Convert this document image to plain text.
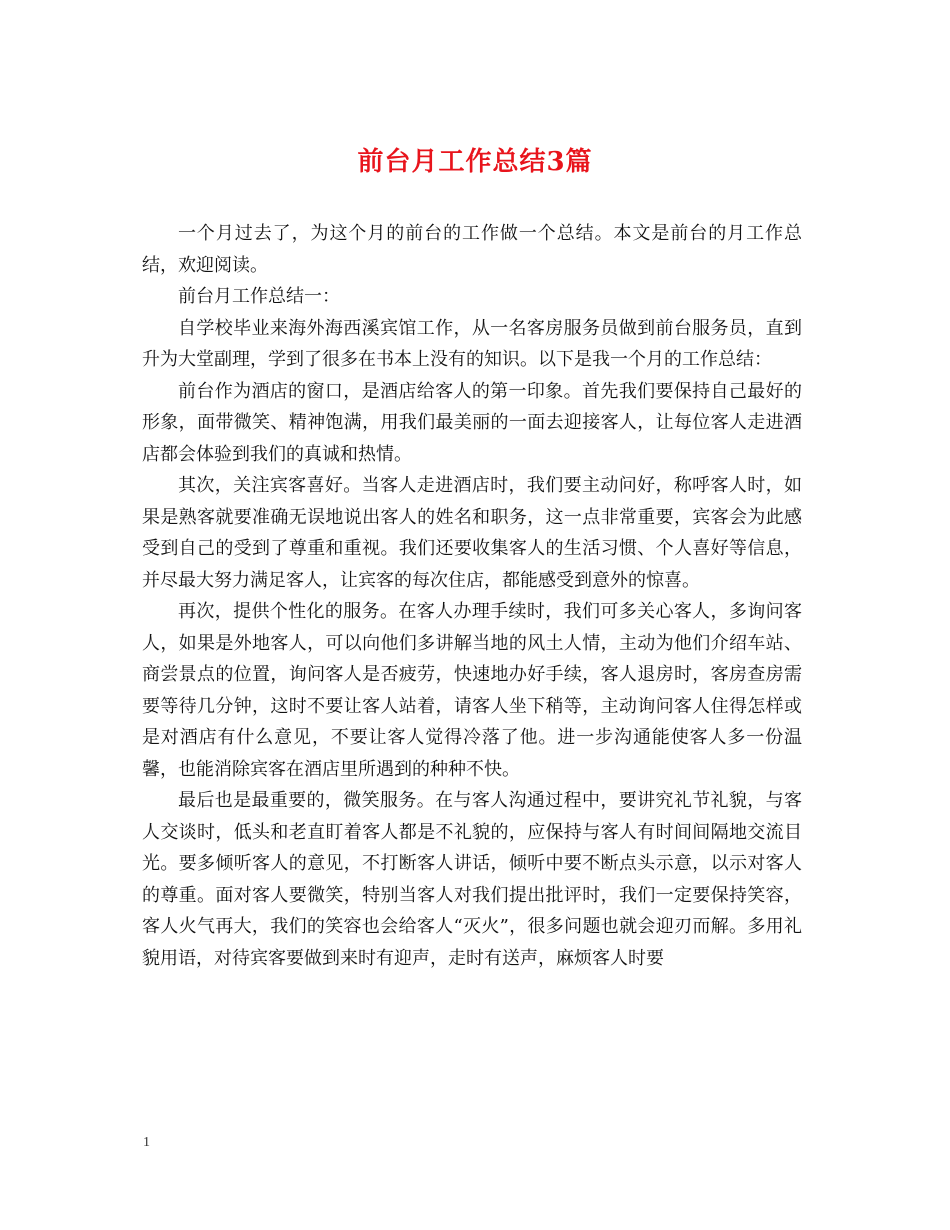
前台月工作总结3篇

一个月过去了，为这个月的前台的工作做一个总结。本文是前台的月工作总结，欢迎阅读。

前台月工作总结一：

自学校毕业来海外海西溪宾馆工作，从一名客房服务员做到前台服务员，直到升为大堂副理，学到了很多在书本上没有的知识。以下是我一个月的工作总结：

前台作为酒店的窗口，是酒店给客人的第一印象。首先我们要保持自己最好的形象，面带微笑、精神饱满，用我们最美丽的一面去迎接客人，让每位客人走进酒店都会体验到我们的真诚和热情。

其次，关注宾客喜好。当客人走进酒店时，我们要主动问好，称呼客人时，如果是熟客就要准确无误地说出客人的姓名和职务，这一点非常重要，宾客会为此感受到自己的受到了尊重和重视。我们还要收集客人的生活习惯、个人喜好等信息，并尽最大努力满足客人，让宾客的每次住店，都能感受到意外的惊喜。

再次，提供个性化的服务。在客人办理手续时，我们可多关心客人，多询问客人，如果是外地客人，可以向他们多讲解当地的风土人情，主动为他们介绍车站、商尝景点的位置，询问客人是否疲劳，快速地办好手续，客人退房时，客房查房需要等待几分钟，这时不要让客人站着，请客人坐下稍等，主动询问客人住得怎样或是对酒店有什么意见，不要让客人觉得冷落了他。进一步沟通能使客人多一份温馨，也能消除宾客在酒店里所遇到的种种不快。

最后也是最重要的，微笑服务。在与客人沟通过程中，要讲究礼节礼貌，与客人交谈时，低头和老直盯着客人都是不礼貌的，应保持与客人有时间间隔地交流目光。要多倾听客人的意见，不打断客人讲话，倾听中要不断点头示意，以示对客人的尊重。面对客人要微笑，特别当客人对我们提出批评时，我们一定要保持笑容，客人火气再大，我们的笑容也会给客人“灭火”，很多问题也就会迎刃而解。多用礼貌用语，对待宾客要做到来时有迎声，走时有送声，麻烦客人时要

1
